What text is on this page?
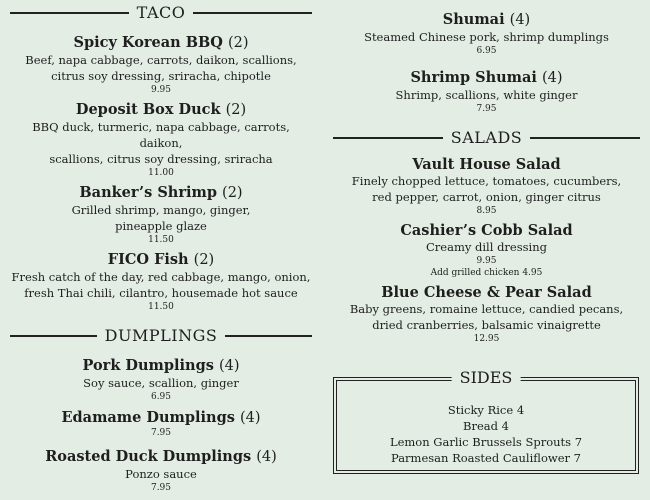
TACO
Spicy Korean BBQ (2)
Beef, napa cabbage, carrots, daikon, scallions,
citrus soy dressing, sriracha, chipotle
9.95
Deposit Box Duck (2)
BBQ duck, turmeric, napa cabbage, carrots, daikon,
scallions, citrus soy dressing, sriracha
11.00
Banker’s Shrimp (2)
Grilled shrimp, mango, ginger,
pineapple glaze
11.50
FICO Fish (2)
Fresh catch of the day, red cabbage, mango, onion,
fresh Thai chili, cilantro, housemade hot sauce
11.50
DUMPLINGS
Pork Dumplings (4)
Soy sauce, scallion, ginger
6.95
Edamame Dumplings (4)
7.95
Roasted Duck Dumplings (4)
Ponzo sauce
7.95
Shumai (4)
Steamed Chinese pork, shrimp dumplings
6.95
Shrimp Shumai (4)
Shrimp, scallions, white ginger
7.95
SALADS
Vault House Salad
Finely chopped lettuce, tomatoes, cucumbers,
red pepper, carrot, onion, ginger citrus
8.95
Cashier’s Cobb Salad
Creamy dill dressing
9.95
Add grilled chicken 4.95
Blue Cheese & Pear Salad
Baby greens, romaine lettuce, candied pecans,
dried cranberries, balsamic vinaigrette
12.95
SIDES
Sticky Rice 4
Bread 4
Lemon Garlic Brussels Sprouts 7
Parmesan Roasted Cauliflower 7
